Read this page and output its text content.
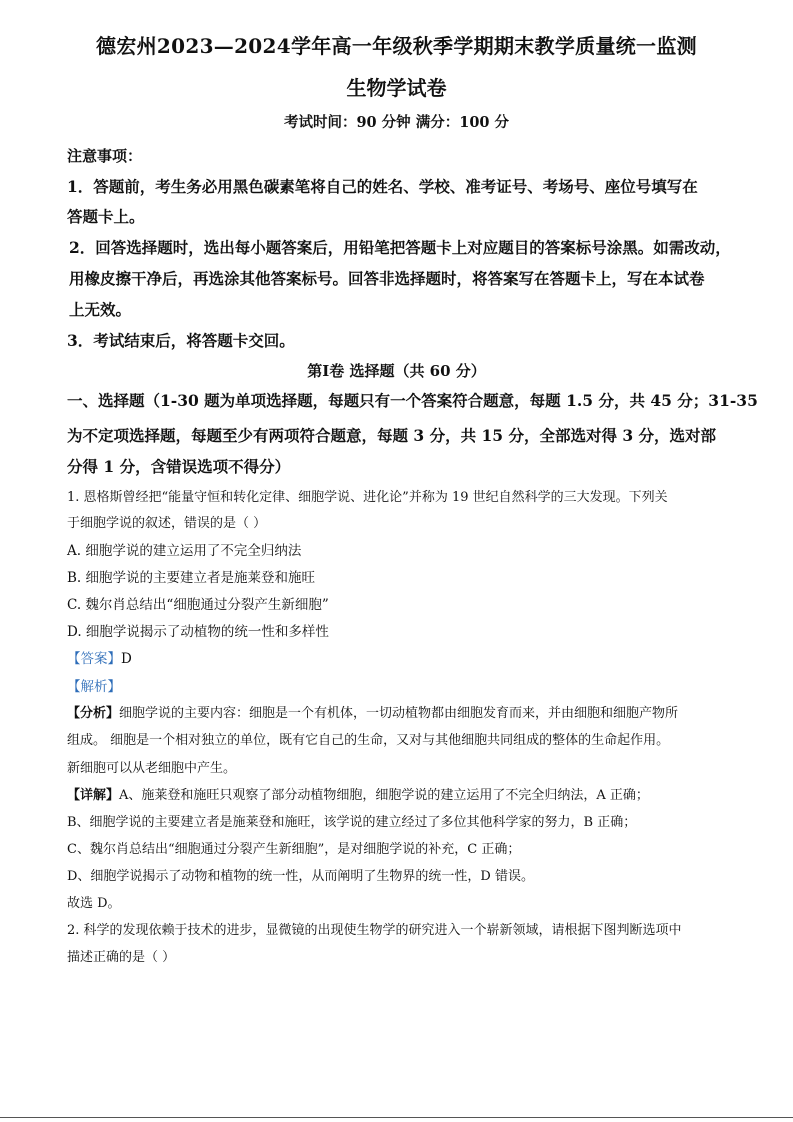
德宏州2023—2024学年高一年级秋季学期期末教学质量统一监测
生物学试卷
考试时间：90 分钟 满分：100 分
注意事项：
1．答题前，考生务必用黑色碳素笔将自己的姓名、学校、准考证号、考场号、座位号填写在
答题卡上。
2．回答选择题时，选出每小题答案后，用铅笔把答题卡上对应题目的答案标号涂黑。如需改动，
用橡皮擦干净后，再选涂其他答案标号。回答非选择题时，将答案写在答题卡上，写在本试卷
上无效。
3．考试结束后，将答题卡交回。
第Ⅰ卷 选择题（共 60 分）
一、选择题（1-30 题为单项选择题，每题只有一个答案符合题意，每题 1.5 分，共 45 分；31-35
为不定项选择题，每题至少有两项符合题意，每题 3 分，共 15 分，全部选对得 3 分，选对部
分得 1 分，含错误选项不得分）
1. 恩格斯曾经把“能量守恒和转化定律、细胞学说、进化论”并称为 19 世纪自然科学的三大发现。下列关
于细胞学说的叙述，错误的是（ ）
A. 细胞学说的建立运用了不完全归纳法
B. 细胞学说的主要建立者是施莱登和施旺
C. 魏尔肖总结出“细胞通过分裂产生新细胞”
D. 细胞学说揭示了动植物的统一性和多样性
【答案】D
【解析】
【分析】细胞学说的主要内容：细胞是一个有机体，一切动植物都由细胞发育而来，并由细胞和细胞产物所
组成。 细胞是一个相对独立的单位，既有它自己的生命，又对与其他细胞共同组成的整体的生命起作用。
新细胞可以从老细胞中产生。
【详解】A、施莱登和施旺只观察了部分动植物细胞，细胞学说的建立运用了不完全归纳法，A 正确；
B、细胞学说的主要建立者是施莱登和施旺，该学说的建立经过了多位其他科学家的努力，B 正确；
C、魏尔肖总结出“细胞通过分裂产生新细胞”，是对细胞学说的补充，C 正确；
D、细胞学说揭示了动物和植物的统一性，从而阐明了生物界的统一性，D 错误。
故选 D。
2. 科学的发现依赖于技术的进步，显微镜的出现使生物学的研究进入一个崭新领域，请根据下图判断选项中
描述正确的是（ ）
